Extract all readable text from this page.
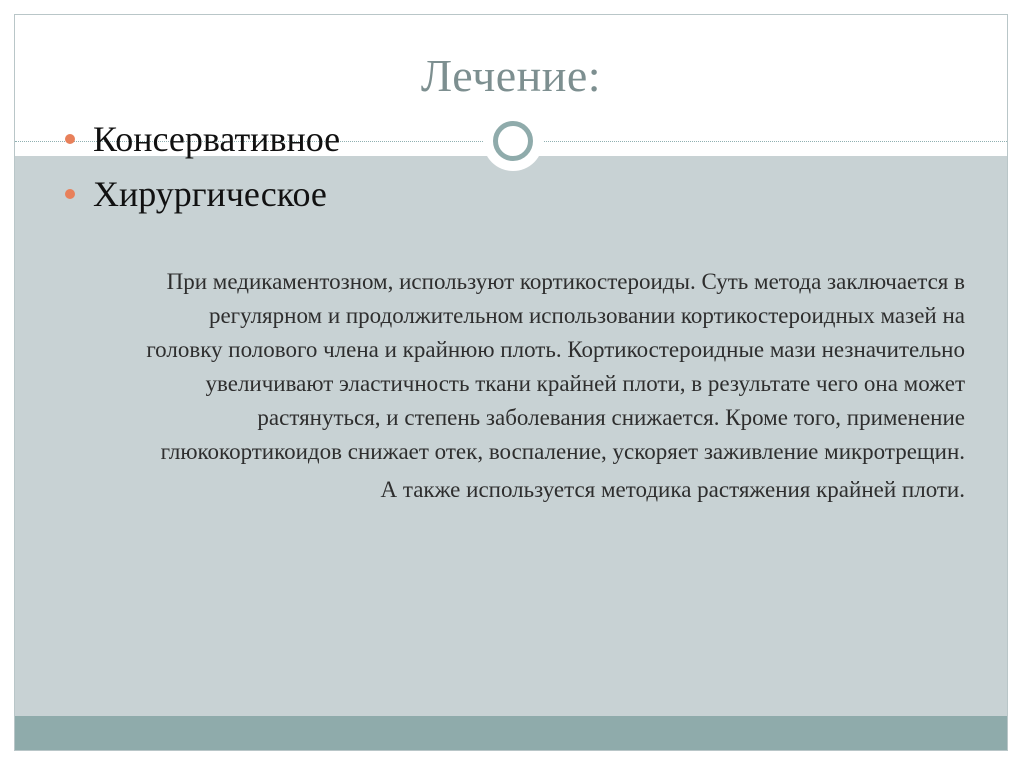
Лечение:
Консервативное
Хирургическое

При медикаментозном, используют кортикостероиды. Суть метода заключается в регулярном и продолжительном использовании кортикостероидных мазей на головку полового члена и крайнюю плоть. Кортикостероидные мази незначительно увеличивают эластичность ткани крайней плоти, в результате чего она может растянуться, и степень заболевания снижается. Кроме того, применение глюкокортикоидов снижает отек, воспаление, ускоряет заживление микротрещин.

А также используется методика растяжения крайней плоти.
